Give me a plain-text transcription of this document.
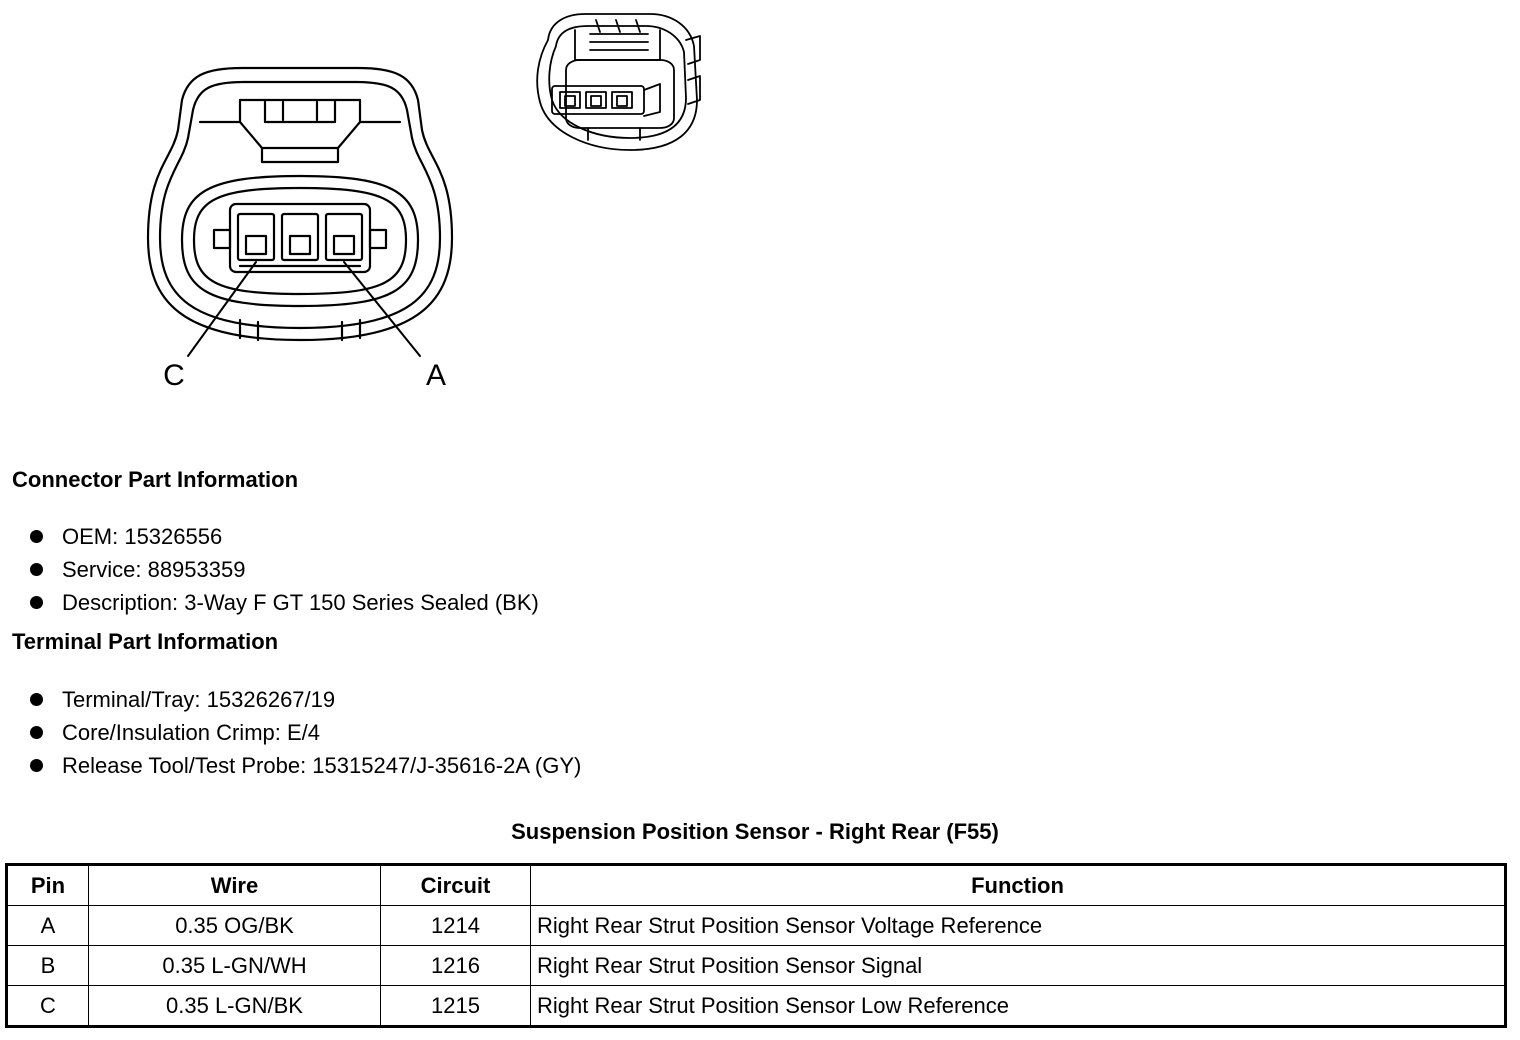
C	A
Connector Part Information
OEM: 15326556
Service: 88953359
Description: 3-Way F GT 150 Series Sealed (BK)
Terminal Part Information
Terminal/Tray: 15326267/19
Core/Insulation Crimp: E/4
Release Tool/Test Probe: 15315247/J-35616-2A (GY)
Suspension Position Sensor - Right Rear (F55)
Pin	Wire	Circuit	Function
A	0.35 OG/BK	1214	Right Rear Strut Position Sensor Voltage Reference
B	0.35 L-GN/WH	1216	Right Rear Strut Position Sensor Signal
C	0.35 L-GN/BK	1215	Right Rear Strut Position Sensor Low Reference
